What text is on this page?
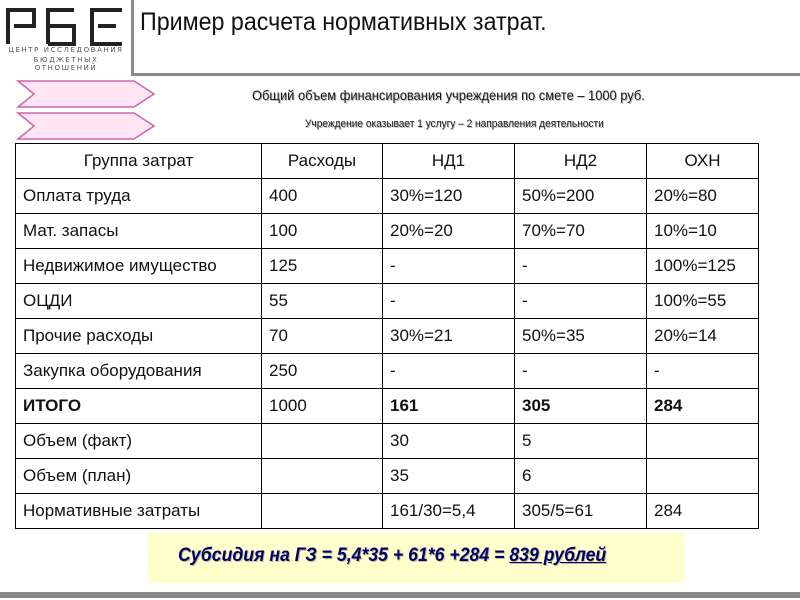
РБО
ЦЕНТР ИССЛЕДОВАНИЯ
БЮДЖЕТНЫХ ОТНОШЕНИЙ
Пример расчета нормативных затрат.
Общий объем финансирования учреждения по смете – 1000 руб.
Учреждение оказывает 1 услугу – 2 направления деятельности
Группа затрат	Расходы	НД1	НД2	ОХН
Оплата труда	400	30%=120	50%=200	20%=80
Мат. запасы	100	20%=20	70%=70	10%=10
Недвижимое имущество	125	-	-	100%=125
ОЦДИ	55	-	-	100%=55
Прочие расходы	70	30%=21	50%=35	20%=14
Закупка оборудования	250	-	-	-
ИТОГО	1000	161	305	284
Объем (факт)		30	5	
Объем (план)		35	6	
Нормативные затраты		161/30=5,4	305/5=61	284
Субсидия на ГЗ = 5,4*35 + 61*6 +284 = 839 рублей
